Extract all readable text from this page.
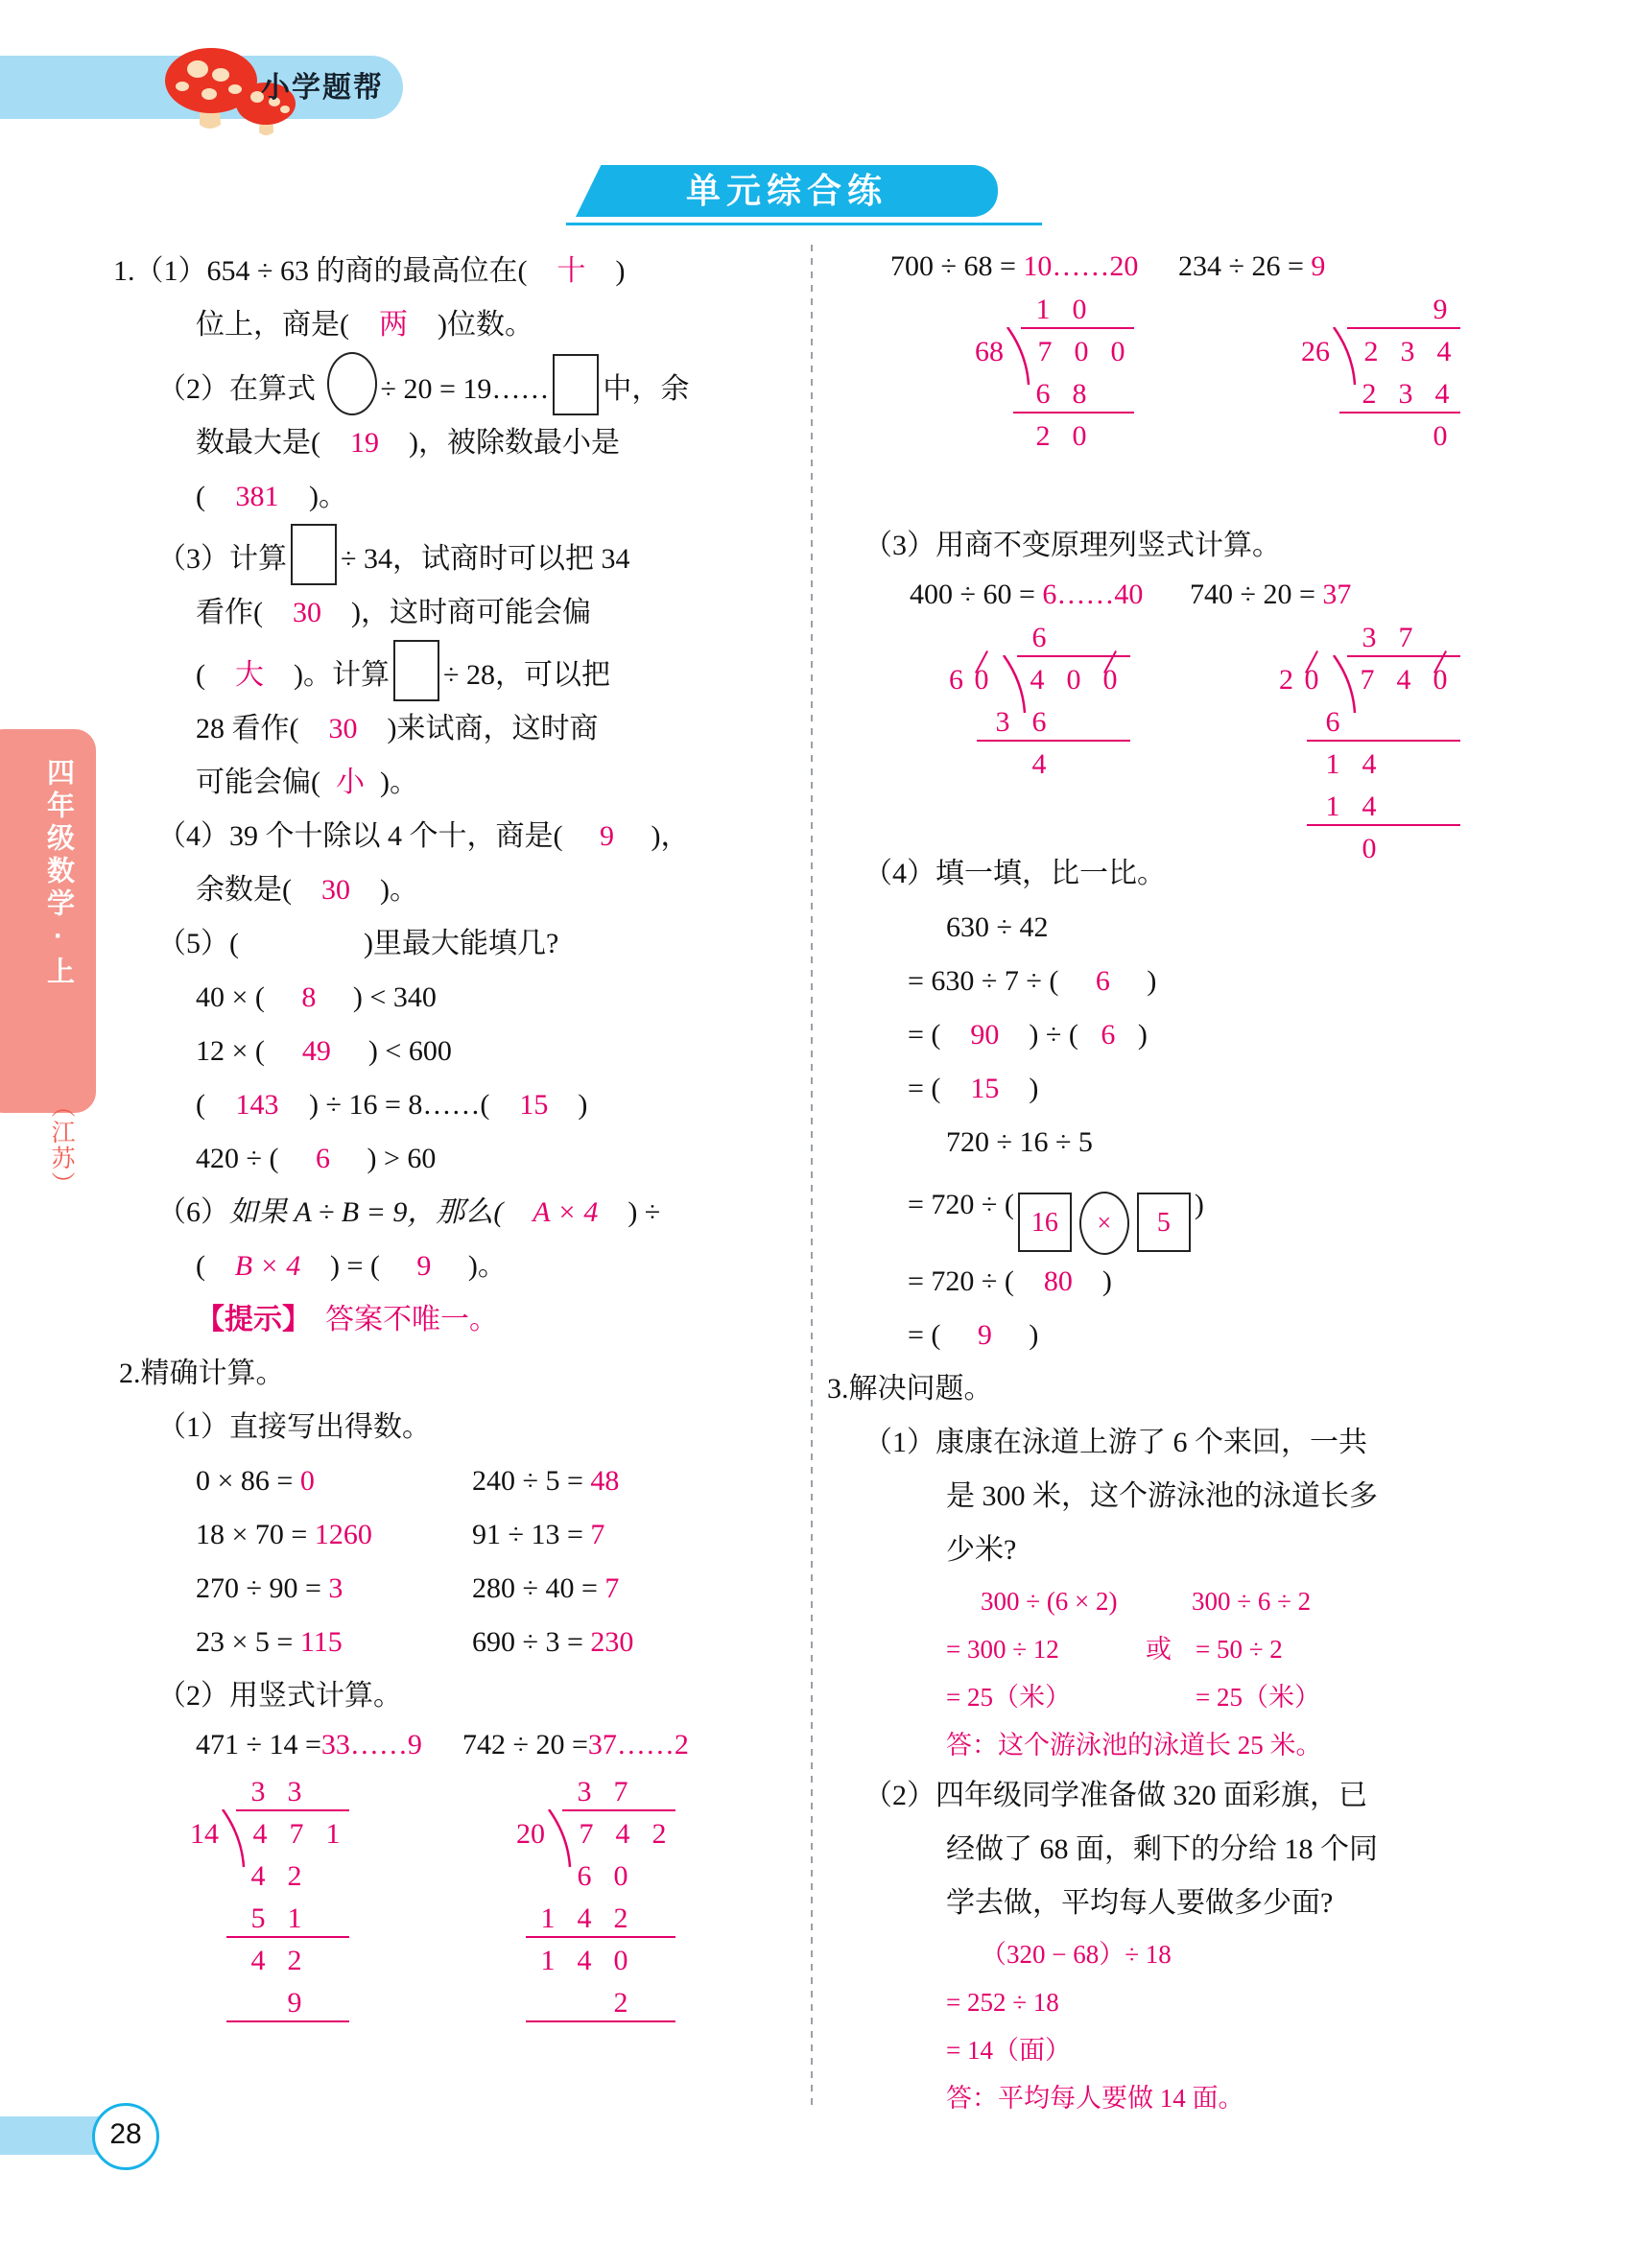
小学题帮
单元综合练
四年级数学·上
（江苏）
28
1.（1）654 ÷ 63 的商的最高位在( 十 )
位上，商是( 两 )位数。
（2）在算式 ÷ 20 = 19…… 中，余
数最大是( 19 )，被除数最小是
( 381 )。
（3）计算 ÷ 34，试商时可以把 34
看作( 30 )，这时商可能会偏
( 大 )。计算 ÷ 28，可以把
28 看作( 30 )来试商，这时商
可能会偏( 小 )。
（4）39 个十除以 4 个十，商是( 9 )，
余数是( 30 )。
（5）(	)里最大能填几?
40 × ( 8 ) < 340
12 × ( 49 ) < 600
( 143 ) ÷ 16 = 8……( 15 )
420 ÷ ( 6 ) > 60
（6）如果 A ÷ B = 9，那么( A × 4 ) ÷
( B × 4 ) = ( 9 )。
【提示】 答案不唯一。
2.精确计算。
（1）直接写出得数。
0 × 86 = 0	240 ÷ 5 = 48
18 × 70 = 1260	91 ÷ 13 = 7
270 ÷ 90 = 3	280 ÷ 40 = 7
23 × 5 = 115	690 ÷ 3 = 230
（2）用竖式计算。
471 ÷ 14 =33……9 742 ÷ 20 =37……2
3 3
14 4 7 1
4 2
5 1
4 2
9
3 7
20 7 4 2
6 0
1 4 2
1 4 0
2
700 ÷ 68 = 10……20 234 ÷ 26 = 9
1 0
68 7 0 0
6 8
2 0
9
26 2 3 4
2 3 4
0
（3）用商不变原理列竖式计算。
400 ÷ 60 = 6……40 740 ÷ 20 = 37
6
6 0 4 0 0
3 6
4
3 7
2 0 7 4 0
6
1 4
1 4
0
（4）填一填，比一比。
630 ÷ 42
= 630 ÷ 7 ÷ ( 6 )
= ( 90 ) ÷ ( 6 )
= ( 15 )
720 ÷ 16 ÷ 5
= 720 ÷ (16 × 5)
= 720 ÷ ( 80 )
= ( 9 )
3.解决问题。
（1）康康在泳道上游了 6 个来回，一共
是 300 米，这个游泳池的泳道长多
少米?
300 ÷ (6 × 2)	300 ÷ 6 ÷ 2
= 300 ÷ 12	或 = 50 ÷ 2
= 25（米）	= 25（米）
答：这个游泳池的泳道长 25 米。
（2）四年级同学准备做 320 面彩旗，已
经做了 68 面，剩下的分给 18 个同
学去做，平均每人要做多少面?
（320 − 68）÷ 18
= 252 ÷ 18
= 14（面）
答：平均每人要做 14 面。
